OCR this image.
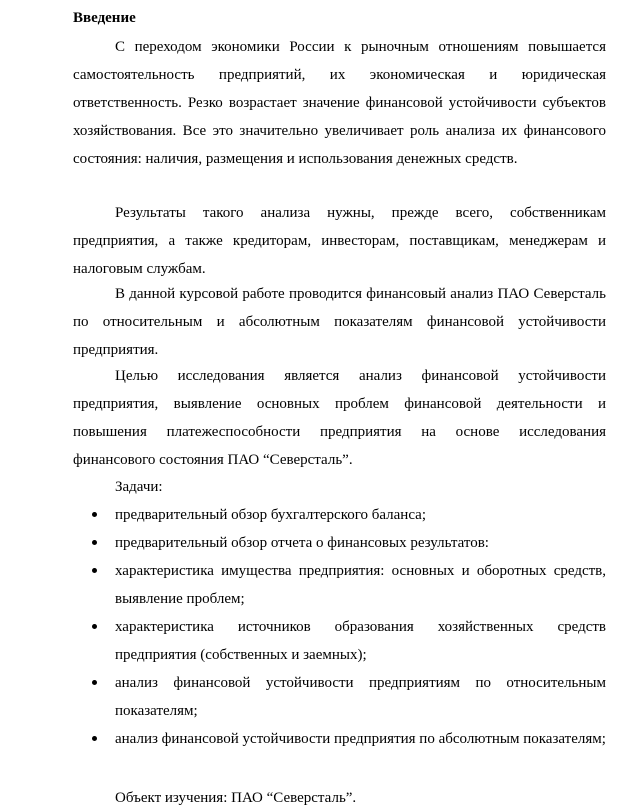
Введение

С переходом экономики России к рыночным отношениям повышается самостоятельность предприятий, их экономическая и юридическая ответственность. Резко возрастает значение финансовой устойчивости субъектов хозяйствования. Все это значительно увеличивает роль анализа их финансового состояния: наличия, размещения и использования денежных средств.

Результаты такого анализа нужны, прежде всего, собственникам предприятия, а также кредиторам, инвесторам, поставщикам, менеджерам и налоговым службам.

В данной курсовой работе проводится финансовый анализ ПАО Северсталь по относительным и абсолютным показателям финансовой устойчивости предприятия.

Целью исследования является анализ финансовой устойчивости предприятия, выявление основных проблем финансовой деятельности и повышения платежеспособности предприятия на основе исследования финансового состояния ПАО “Северсталь”.

Задачи:

предварительный обзор бухгалтерского баланса;
предварительный обзор отчета о финансовых результатов:
характеристика имущества предприятия: основных и оборотных средств, выявление проблем;
характеристика источников образования хозяйственных средств предприятия (собственных и заемных);
анализ финансовой устойчивости предприятиям по относительным показателям;
анализ финансовой устойчивости предприятия по абсолютным показателям;

Объект изучения: ПАО “Северсталь”.
